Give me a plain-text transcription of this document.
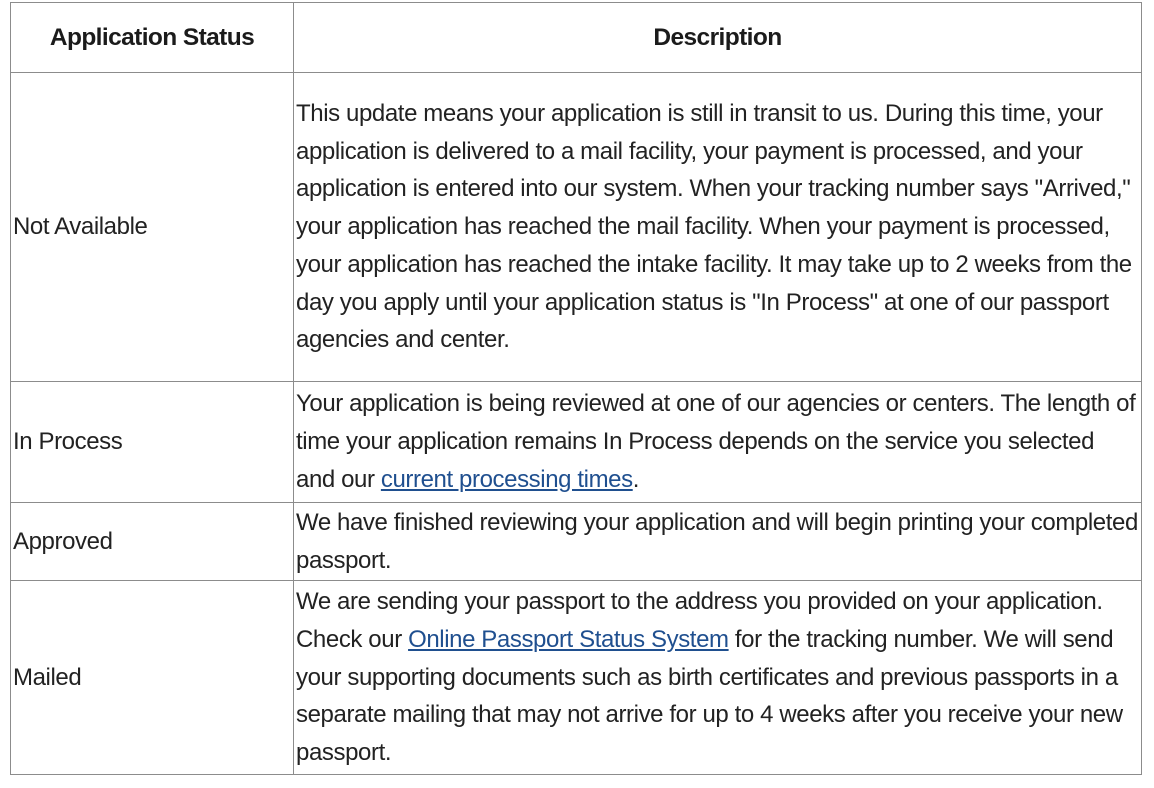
Application Status	Description
Not Available	This update means your application is still in transit to us. During this time, your application is delivered to a mail facility, your payment is processed, and your application is entered into our system. When your tracking number says "Arrived," your application has reached the mail facility. When your payment is processed, your application has reached the intake facility. It may take up to 2 weeks from the day you apply until your application status is "In Process" at one of our passport agencies and center.
In Process	Your application is being reviewed at one of our agencies or centers. The length of time your application remains In Process depends on the service you selected and our current processing times.
Approved	We have finished reviewing your application and will begin printing your completed passport.
Mailed	We are sending your passport to the address you provided on your application. Check our Online Passport Status System for the tracking number. We will send your supporting documents such as birth certificates and previous passports in a separate mailing that may not arrive for up to 4 weeks after you receive your new passport.
